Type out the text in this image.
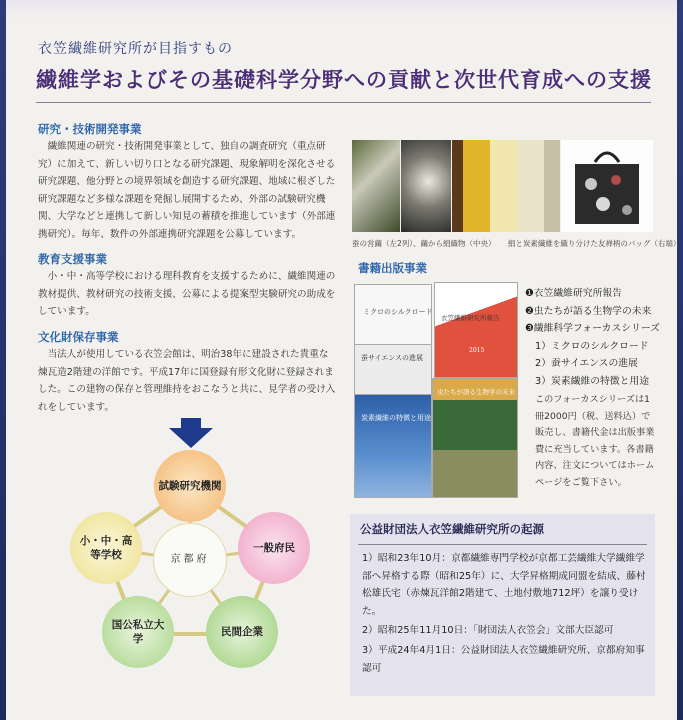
衣笠繊維研究所が目指すもの
繊維学およびその基礎科学分野への貢献と次世代育成への支援
研究・技術開発事業
繊維関連の研究・技術開発事業として、独自の調査研究（重点研究）に加えて、新しい切り口となる研究課題、現象解明を深化させる研究課題、他分野との境界領域を創造する研究課題、地域に根ざした研究課題など多様な課題を発掘し展開するため、外部の試験研究機関、大学などと連携して新しい知見の蓄積を推進しています（外部連携研究）。毎年、数件の外部連携研究課題を公募しています。
教育支援事業
小・中・高等学校における理科教育を支援するために、繊維関連の教材提供、教材研究の技術支援、公募による提案型実験研究の助成をしています。
文化財保存事業
当法人が使用している衣笠会館は、明治38年に建設された貴重な煉瓦造2階建の洋館です。平成17年に国登録有形文化財に登録されました。この建物の保存と管理維持をおこなうと共に、見学者の受け入れをしています。
蚕の営繭（左2列）、繭から絹織物（中央） 絹と炭素繊維を織り分けた友禅柄のバッグ（右端）
書籍出版事業
ミクロのシルクロード
衣笠繊維研究所報告
2015
蚕サイエンスの進展
炭素繊維の特徴と用途
虫たちが語る生物学の未来
❶衣笠繊維研究所報告
❷虫たちが語る生物学の未来
❸繊維科学フォーカスシリーズ
1）ミクロのシルクロード
2）蚕サイエンスの進展
3）炭素繊維の特徴と用途
このフォーカスシリーズは1冊2000円（税、送料込）で販売し、書籍代金は出版事業費に充当しています。各書籍内容、注文についてはホームページをご覧下さい。
京都府
試験研究機関
一般府民
民間企業
国公私立大学
小・中・高等学校
公益財団法人衣笠繊維研究所の起源
1）昭和23年10月：京都繊維専門学校が京都工芸繊維大学繊維学部へ昇格する際（昭和25年）に、大学昇格期成同盟を結成、藤村松雄氏宅（赤煉瓦洋館2階建て、土地付敷地712坪）を譲り受けた。
2）昭和25年11月10日：「財団法人衣笠会」文部大臣認可
3）平成24年4月1日：公益財団法人衣笠繊維研究所、京都府知事認可
